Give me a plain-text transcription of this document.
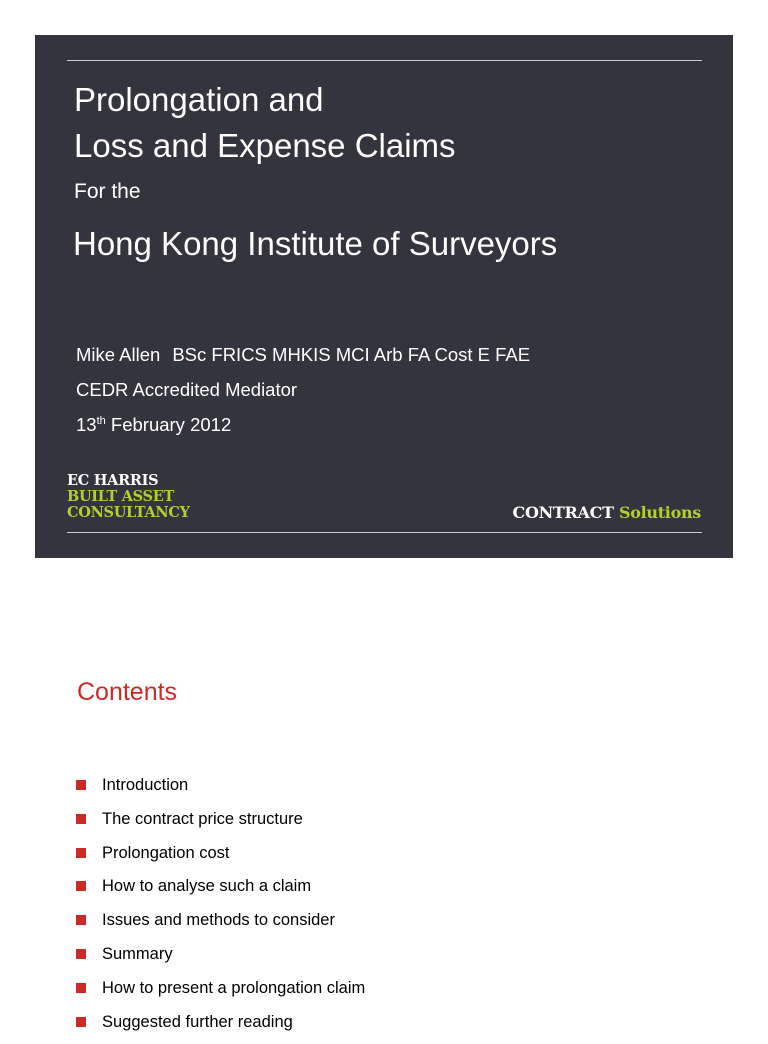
Prolongation and
Loss and Expense Claims
For the
Hong Kong Institute of Surveyors
Mike Allen BSc FRICS MHKIS MCI Arb FA Cost E FAE
CEDR Accredited Mediator
13th February 2012
EC HARRIS
BUILT ASSET
CONSULTANCY	CONTRACT Solutions
Contents
Introduction
The contract price structure
Prolongation cost
How to analyse such a claim
Issues and methods to consider
Summary
How to present a prolongation claim
Suggested further reading
